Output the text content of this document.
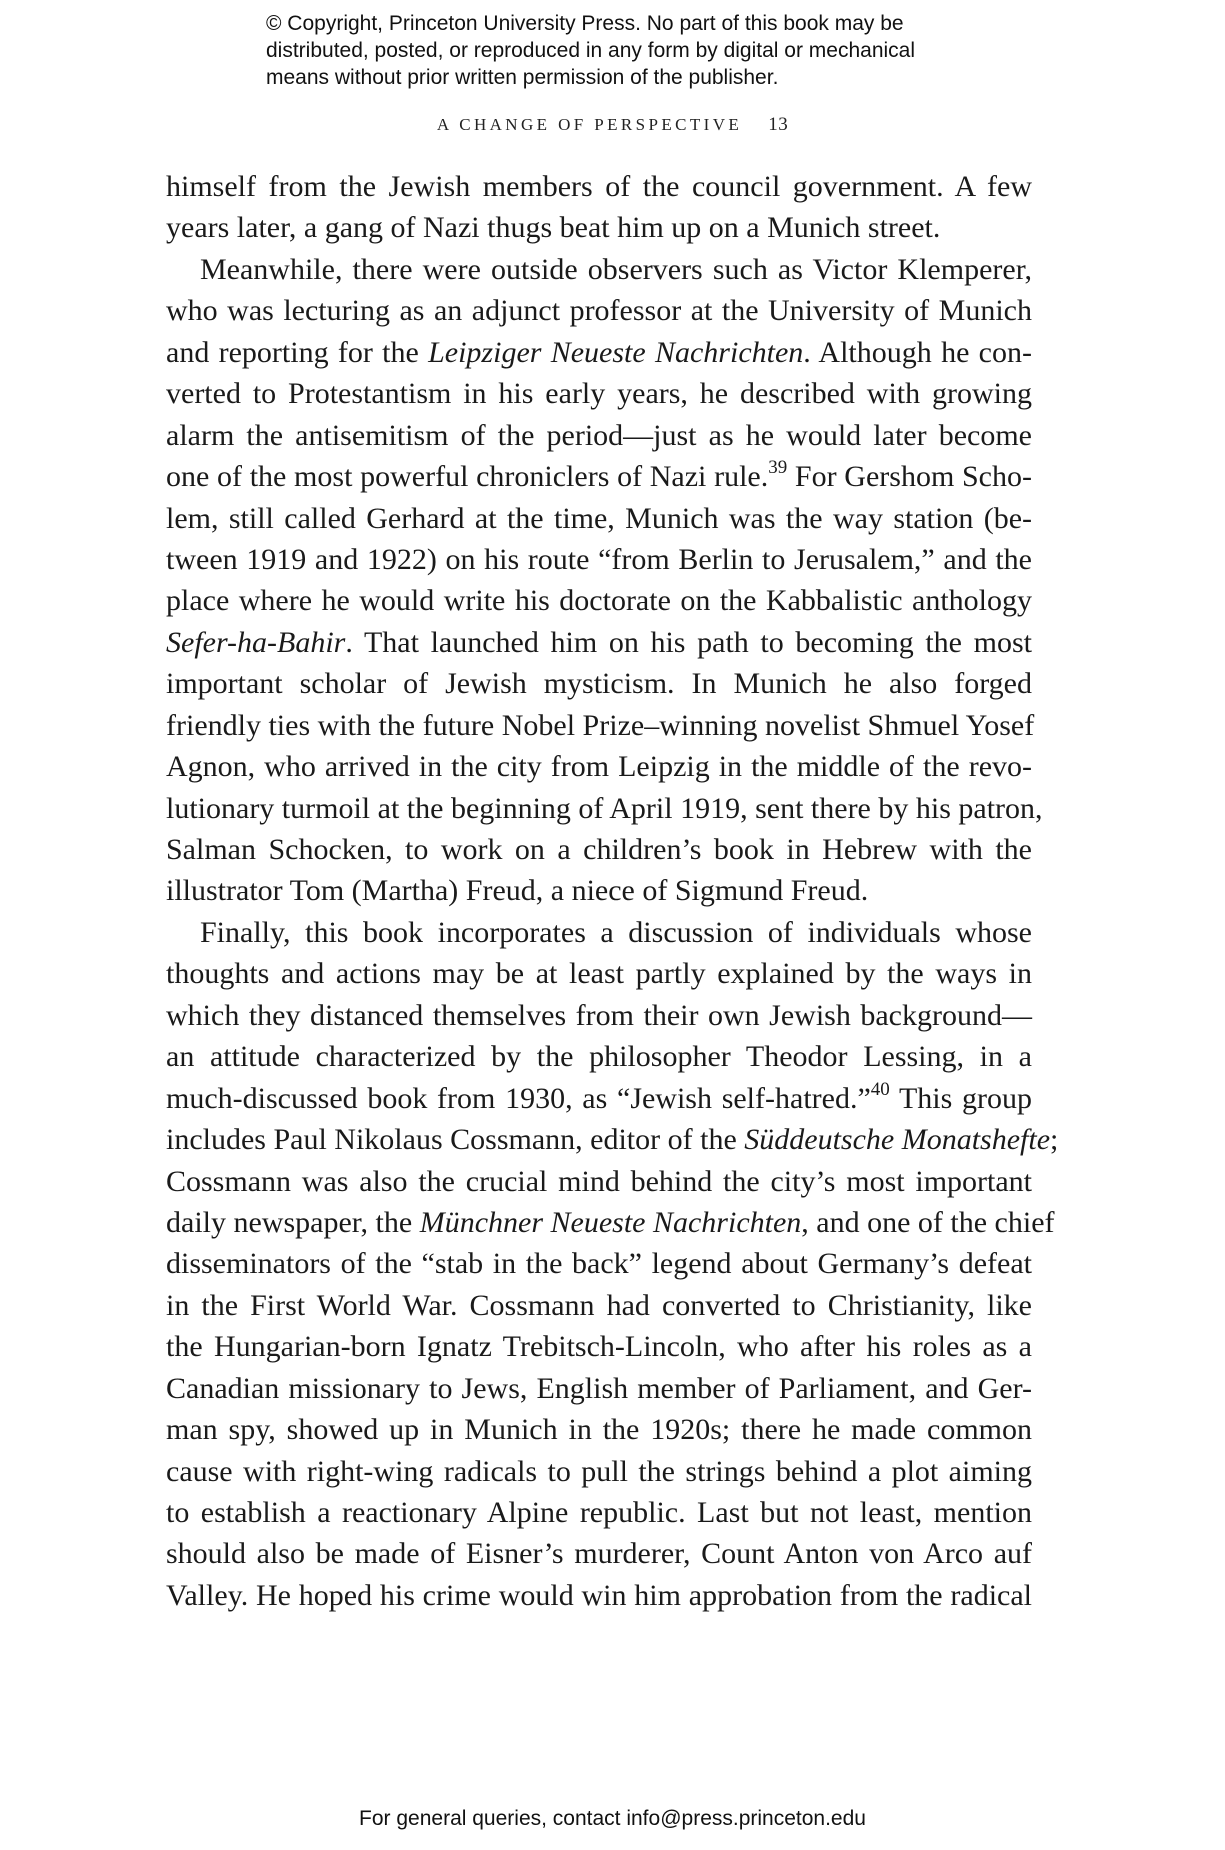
© Copyright, Princeton University Press. No part of this book may be
distributed, posted, or reproduced in any form by digital or mechanical
means without prior written permission of the publisher.
A CHANGE OF PERSPECTIVE 13
himself from the Jewish members of the council government. A few
years later, a gang of Nazi thugs beat him up on a Munich street.
Meanwhile, there were outside observers such as Victor Klemperer,
who was lecturing as an adjunct professor at the University of Munich
and reporting for the Leipziger Neueste Nachrichten. Although he con-
verted to Protestantism in his early years, he described with growing
alarm the antisemitism of the period—just as he would later become
one of the most powerful chroniclers of Nazi rule.$^{39}$ For Gershom Scho-
lem, still called Gerhard at the time, Munich was the way station (be-
tween 1919 and 1922) on his route “from Berlin to Jerusalem,” and the
place where he would write his doctorate on the Kabbalistic anthology
Sefer-ha-Bahir. That launched him on his path to becoming the most
important scholar of Jewish mysticism. In Munich he also forged
friendly ties with the future Nobel Prize–winning novelist Shmuel Yosef
Agnon, who arrived in the city from Leipzig in the middle of the revo-
lutionary turmoil at the beginning of April 1919, sent there by his patron,
Salman Schocken, to work on a children’s book in Hebrew with the
illustrator Tom (Martha) Freud, a niece of Sigmund Freud.
Finally, this book incorporates a discussion of individuals whose
thoughts and actions may be at least partly explained by the ways in
which they distanced themselves from their own Jewish background—
an attitude characterized by the philosopher Theodor Lessing, in a
much-discussed book from 1930, as “Jewish self-hatred.”$^{40}$ This group
includes Paul Nikolaus Cossmann, editor of the Süddeutsche Monatshefte;
Cossmann was also the crucial mind behind the city’s most important
daily newspaper, the Münchner Neueste Nachrichten, and one of the chief
disseminators of the “stab in the back” legend about Germany’s defeat
in the First World War. Cossmann had converted to Christianity, like
the Hungarian-born Ignatz Trebitsch-Lincoln, who after his roles as a
Canadian missionary to Jews, English member of Parliament, and Ger-
man spy, showed up in Munich in the 1920s; there he made common
cause with right-wing radicals to pull the strings behind a plot aiming
to establish a reactionary Alpine republic. Last but not least, mention
should also be made of Eisner’s murderer, Count Anton von Arco auf
Valley. He hoped his crime would win him approbation from the radical
For general queries, contact info@press.princeton.edu
